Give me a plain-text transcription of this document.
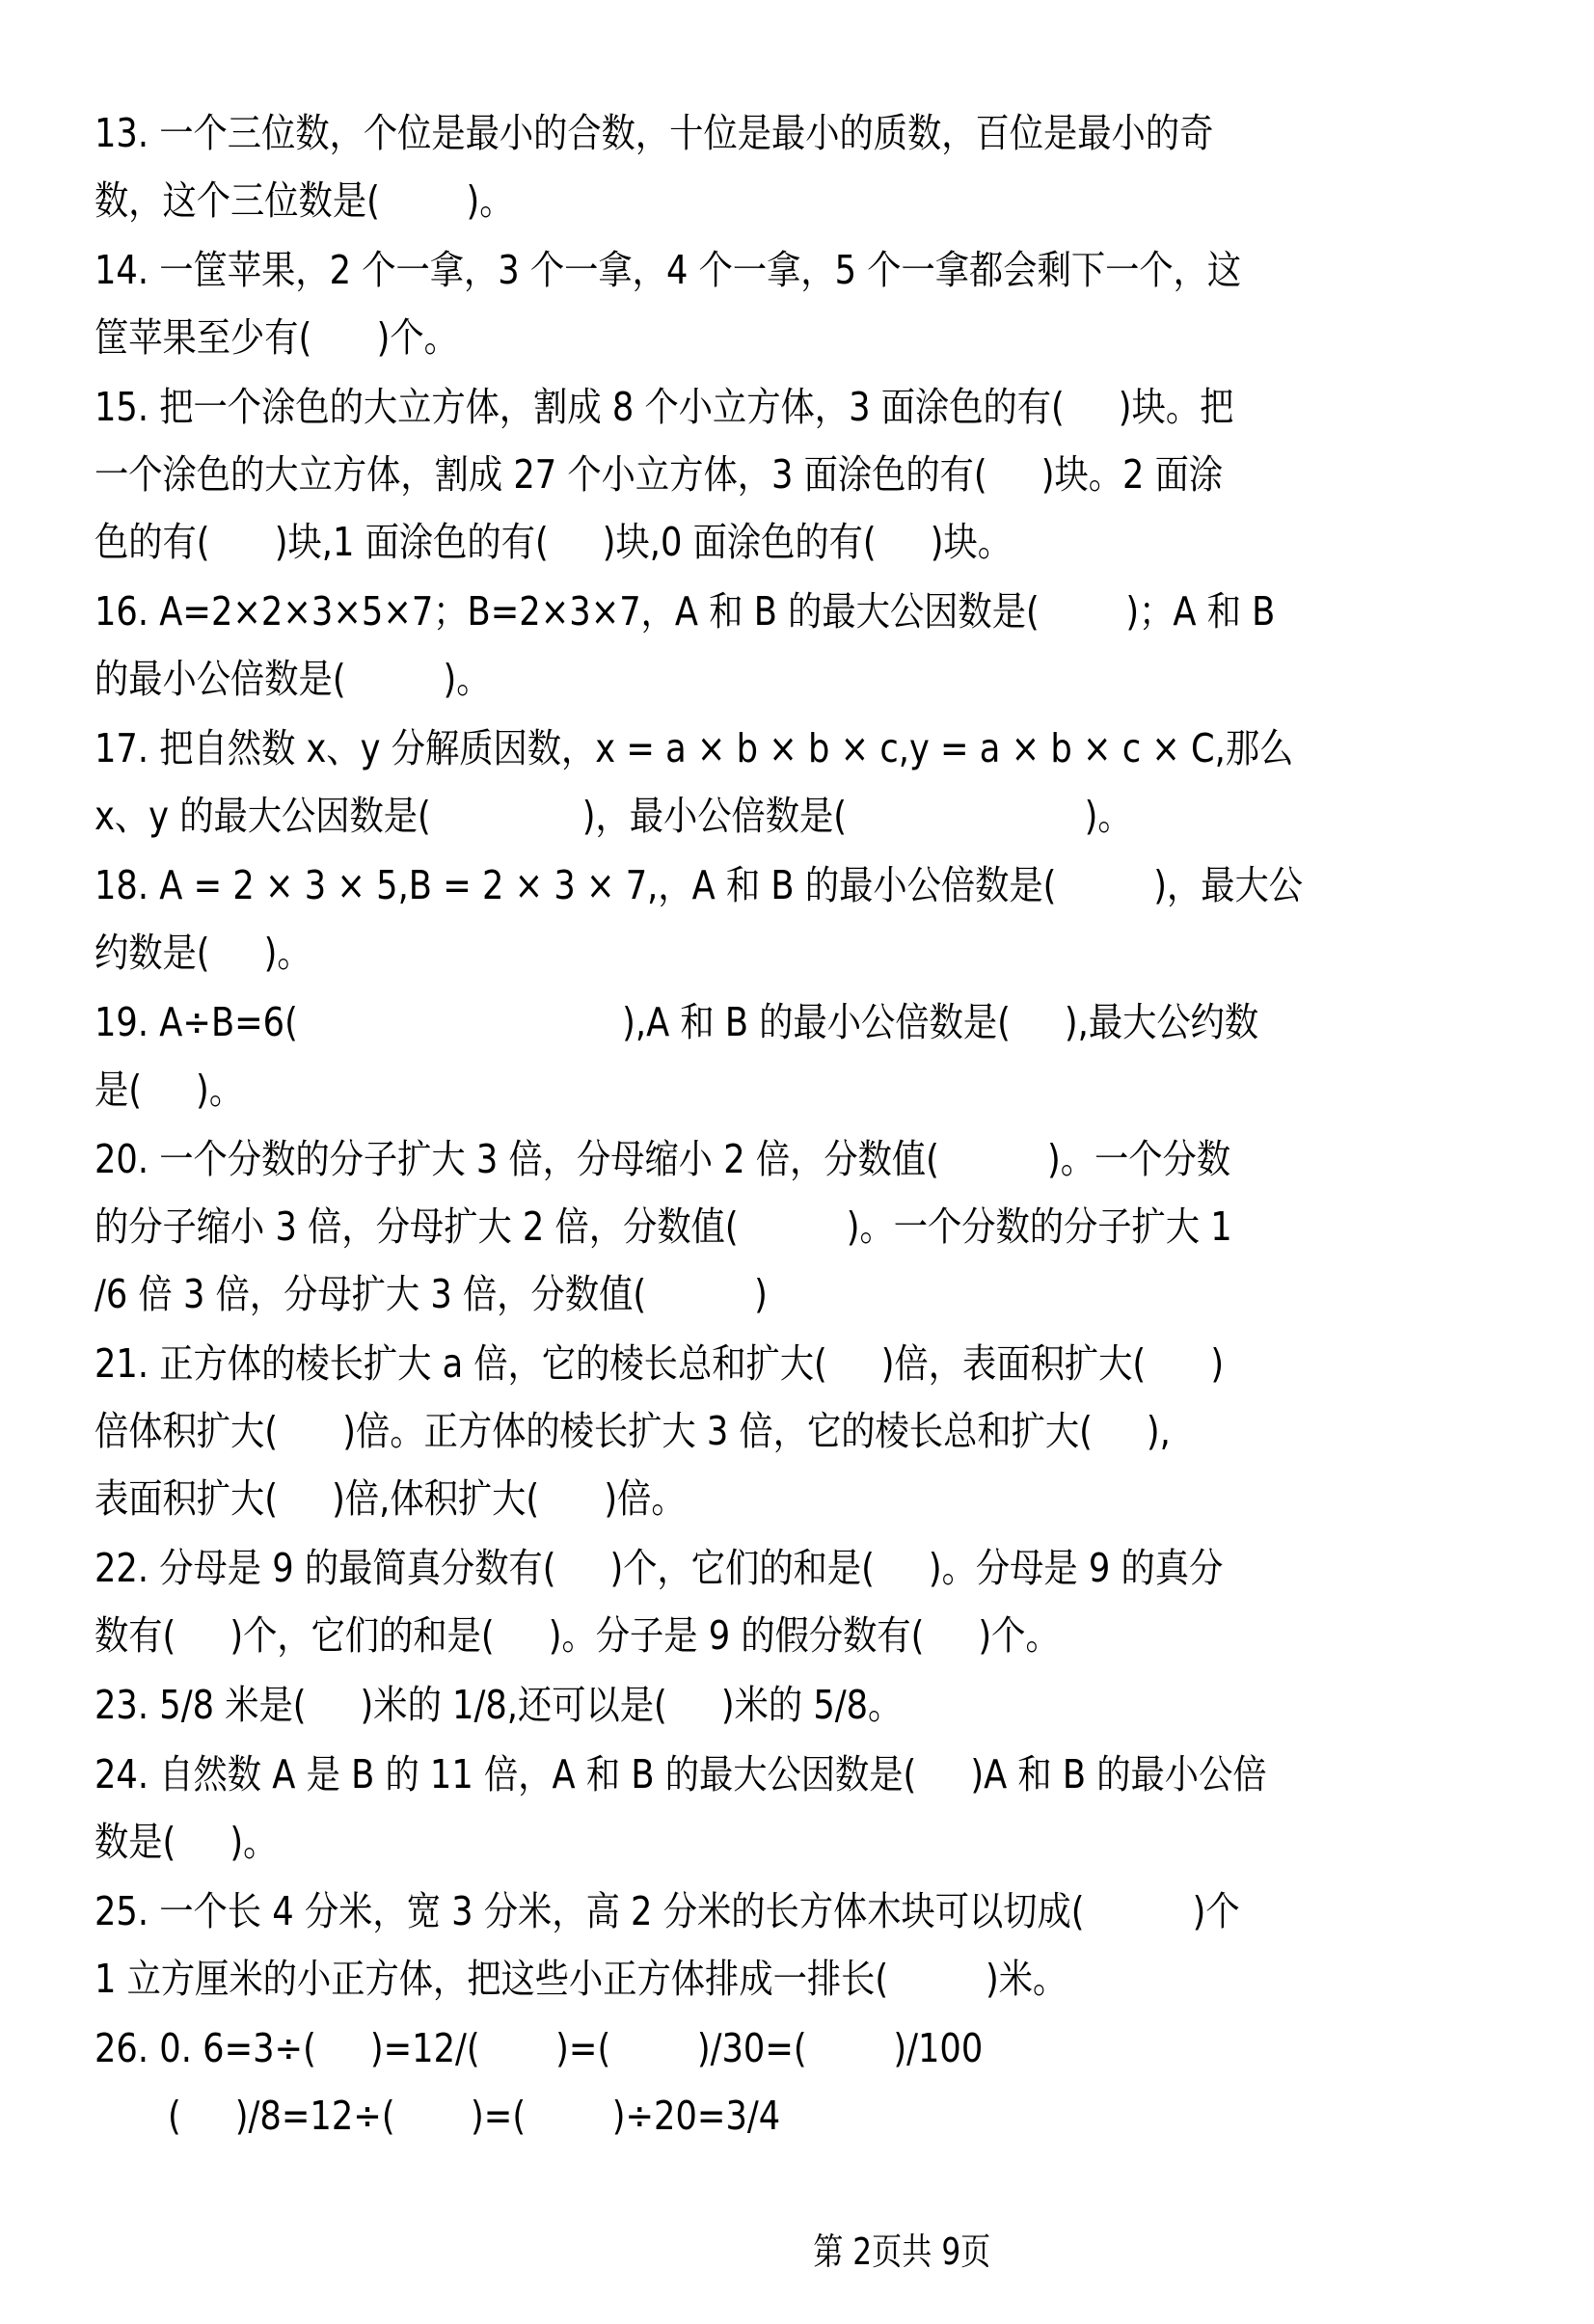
13. 一个三位数，个位是最小的合数，十位是最小的质数，百位是最小的奇
数，这个三位数是(        )。
14. 一筐苹果，2 个一拿，3 个一拿，4 个一拿，5 个一拿都会剩下一个，这
筐苹果至少有(      )个。
15. 把一个涂色的大立方体，割成 8 个小立方体，3 面涂色的有(     )块。把
一个涂色的大立方体，割成 27 个小立方体，3 面涂色的有(     )块。2 面涂
色的有(      )块,1 面涂色的有(     )块,0 面涂色的有(     )块。
16. A=2×2×3×5×7；B=2×3×7，A 和 B 的最大公因数是(        )；A 和 B
的最小公倍数是(         )。
17. 把自然数 x、y 分解质因数，x = a × b × b × c,y = a × b × c × C,那么
x、y 的最大公因数是(              )，最小公倍数是(                      )。
18. A = 2 × 3 × 5,B = 2 × 3 × 7,，A 和 B 的最小公倍数是(         )，最大公
约数是(     )。
19. A÷B=6(                              ),A 和 B 的最小公倍数是(     ),最大公约数
是(     )。
20. 一个分数的分子扩大 3 倍，分母缩小 2 倍，分数值(          )。一个分数
的分子缩小 3 倍，分母扩大 2 倍，分数值(          )。一个分数的分子扩大 1
/6 倍 3 倍，分母扩大 3 倍，分数值(          )
21. 正方体的棱长扩大 a 倍，它的棱长总和扩大(     )倍，表面积扩大(      )
倍体积扩大(      )倍。正方体的棱长扩大 3 倍，它的棱长总和扩大(     ),
表面积扩大(     )倍,体积扩大(      )倍。
22. 分母是 9 的最简真分数有(     )个，它们的和是(     )。分母是 9 的真分
数有(     )个，它们的和是(     )。分子是 9 的假分数有(     )个。
23. 5/8 米是(     )米的 1/8,还可以是(     )米的 5/8。
24. 自然数 A 是 B 的 11 倍，A 和 B 的最大公因数是(     )A 和 B 的最小公倍
数是(     )。
25. 一个长 4 分米，宽 3 分米，高 2 分米的长方体木块可以切成(          )个
1 立方厘米的小正方体，把这些小正方体排成一排长(         )米。
26. 0. 6=3÷(     )=12/(       )=(        )/30=(        )/100
(     )/8=12÷(       )=(        )÷20=3/4

第 2页共 9页
